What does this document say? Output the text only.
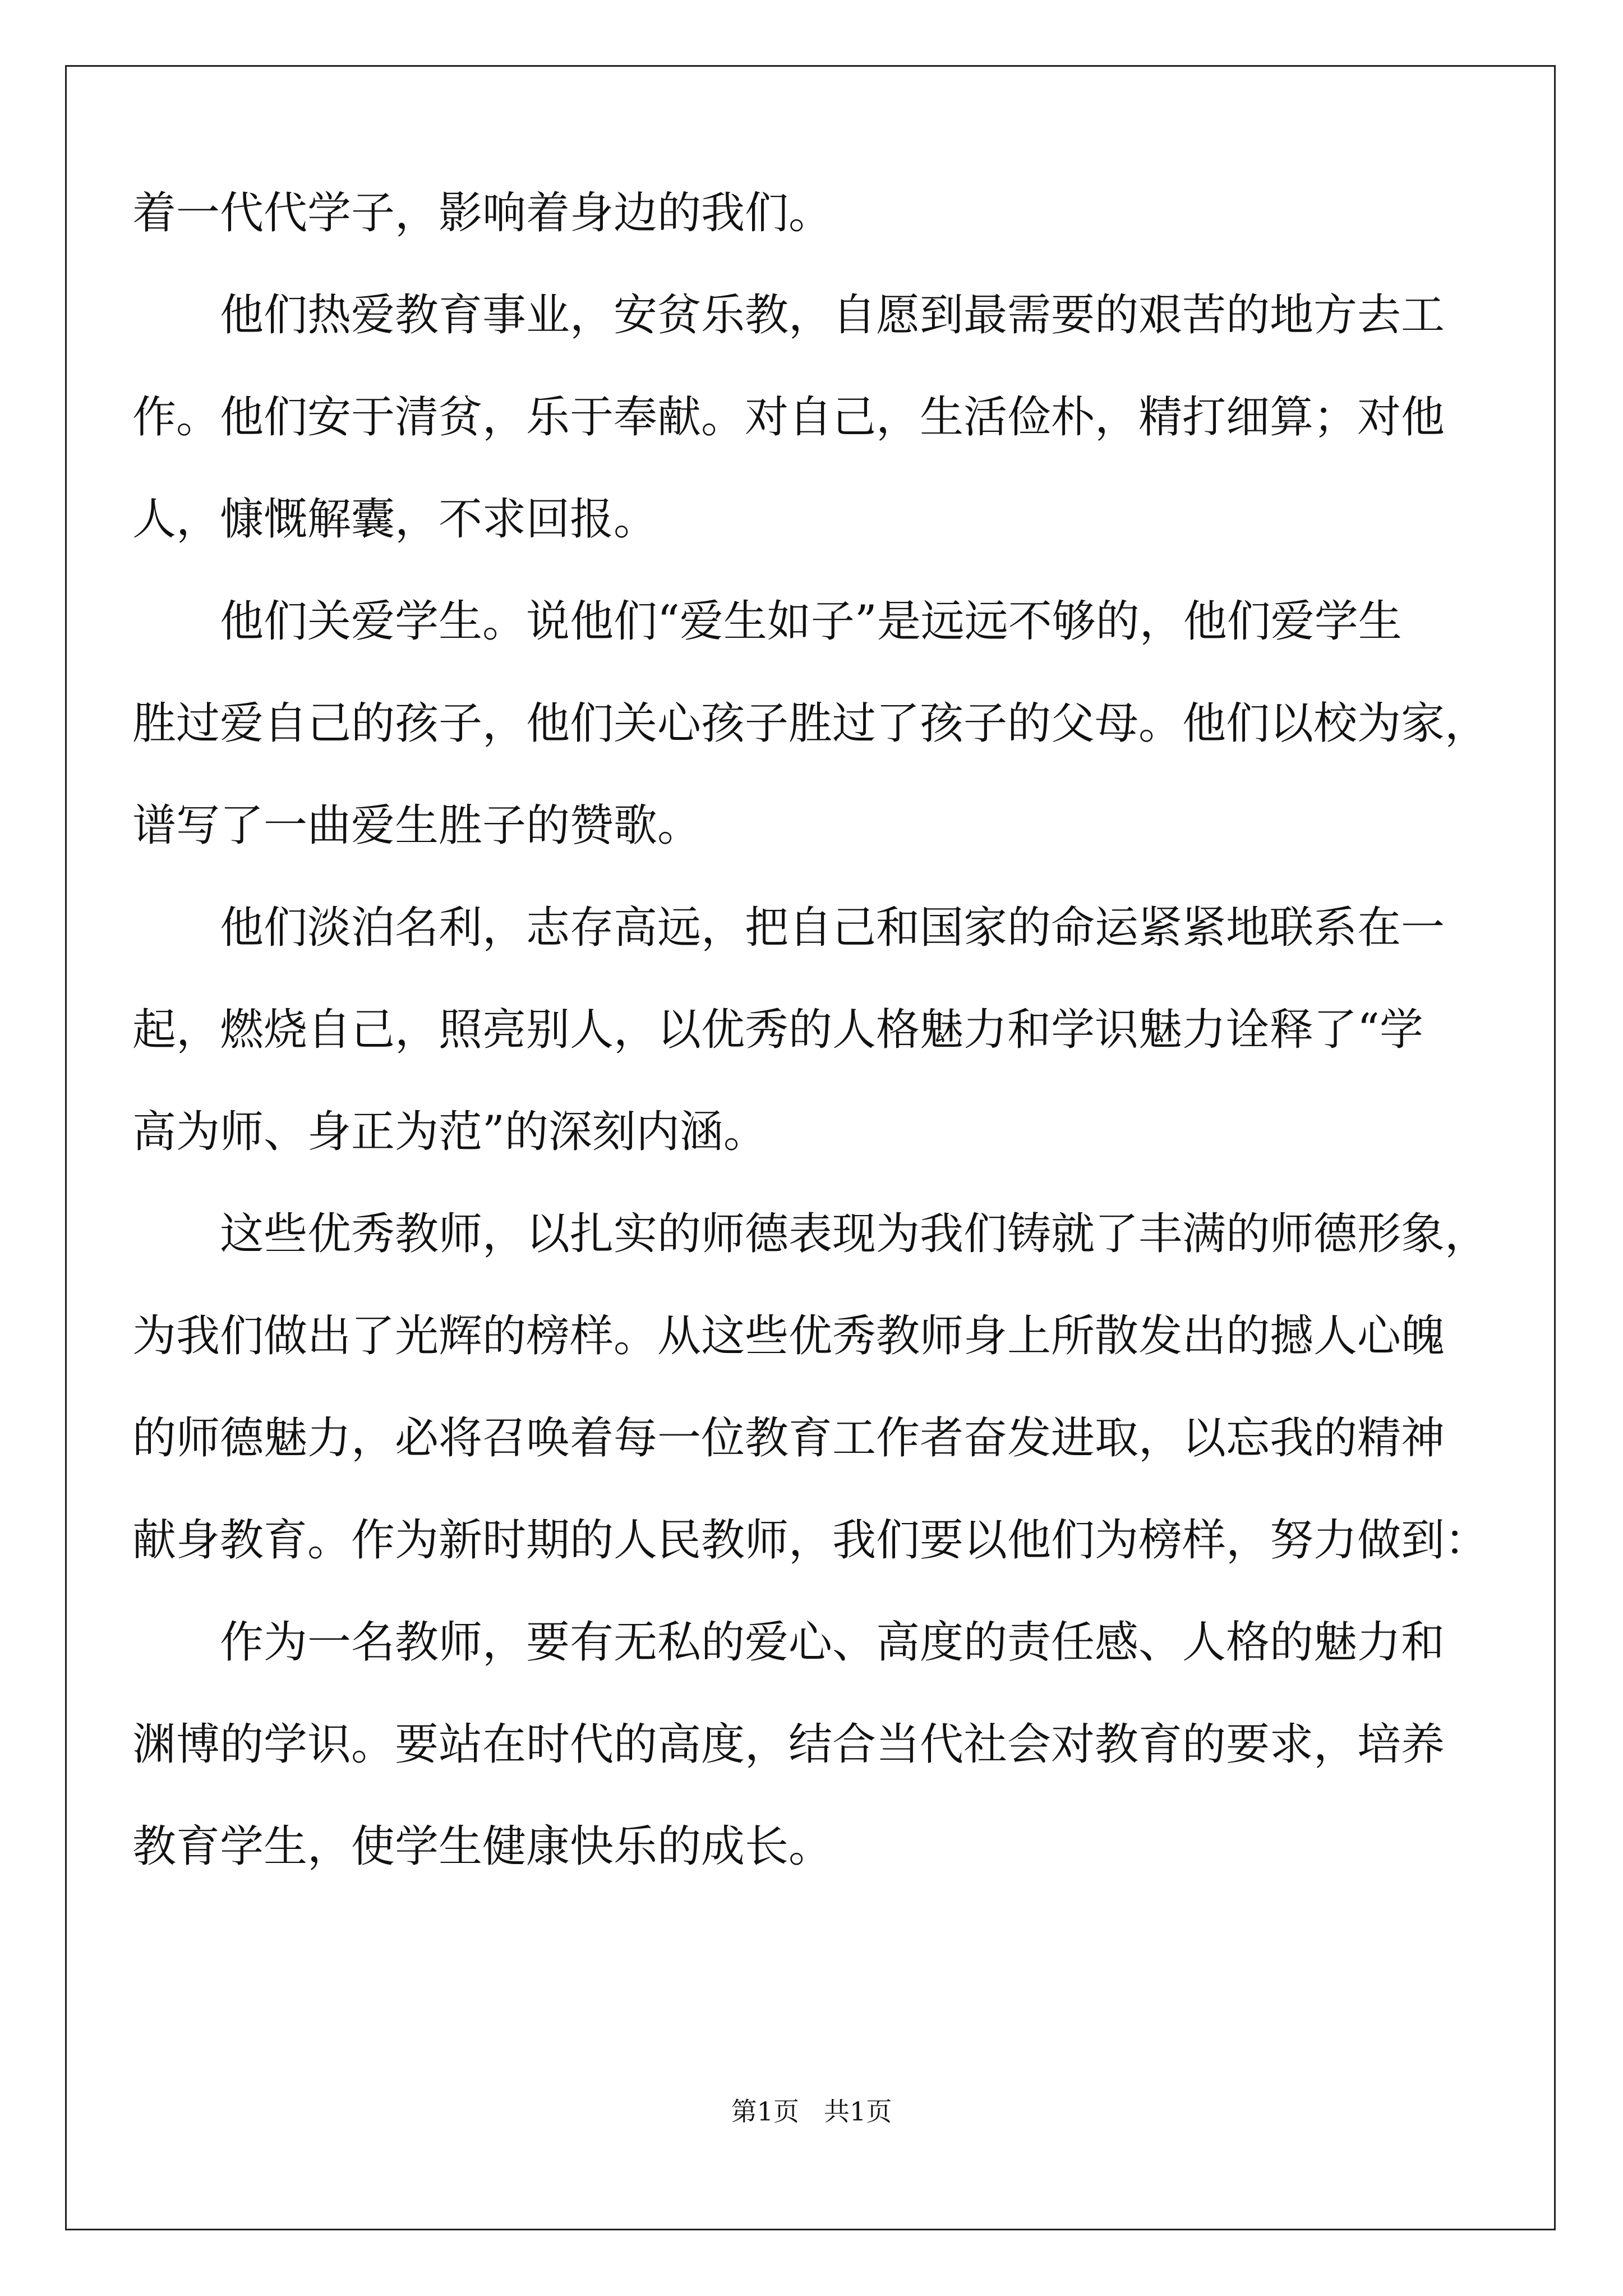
着一代代学子，影响着身边的我们。
　　他们热爱教育事业，安贫乐教，自愿到最需要的艰苦的地方去工
作。他们安于清贫，乐于奉献。对自己，生活俭朴，精打细算；对他
人，慷慨解囊，不求回报。
　　他们关爱学生。说他们“爱生如子”是远远不够的，他们爱学生
胜过爱自己的孩子，他们关心孩子胜过了孩子的父母。他们以校为家，
谱写了一曲爱生胜子的赞歌。
　　他们淡泊名利，志存高远，把自己和国家的命运紧紧地联系在一
起，燃烧自己，照亮别人，以优秀的人格魅力和学识魅力诠释了“学
高为师、身正为范”的深刻内涵。
　　这些优秀教师，以扎实的师德表现为我们铸就了丰满的师德形象，
为我们做出了光辉的榜样。从这些优秀教师身上所散发出的撼人心魄
的师德魅力，必将召唤着每一位教育工作者奋发进取，以忘我的精神
献身教育。作为新时期的人民教师，我们要以他们为榜样，努力做到：
　　作为一名教师，要有无私的爱心、高度的责任感、人格的魅力和
渊博的学识。要站在时代的高度，结合当代社会对教育的要求，培养
教育学生，使学生健康快乐的成长。
第1页 共1页
